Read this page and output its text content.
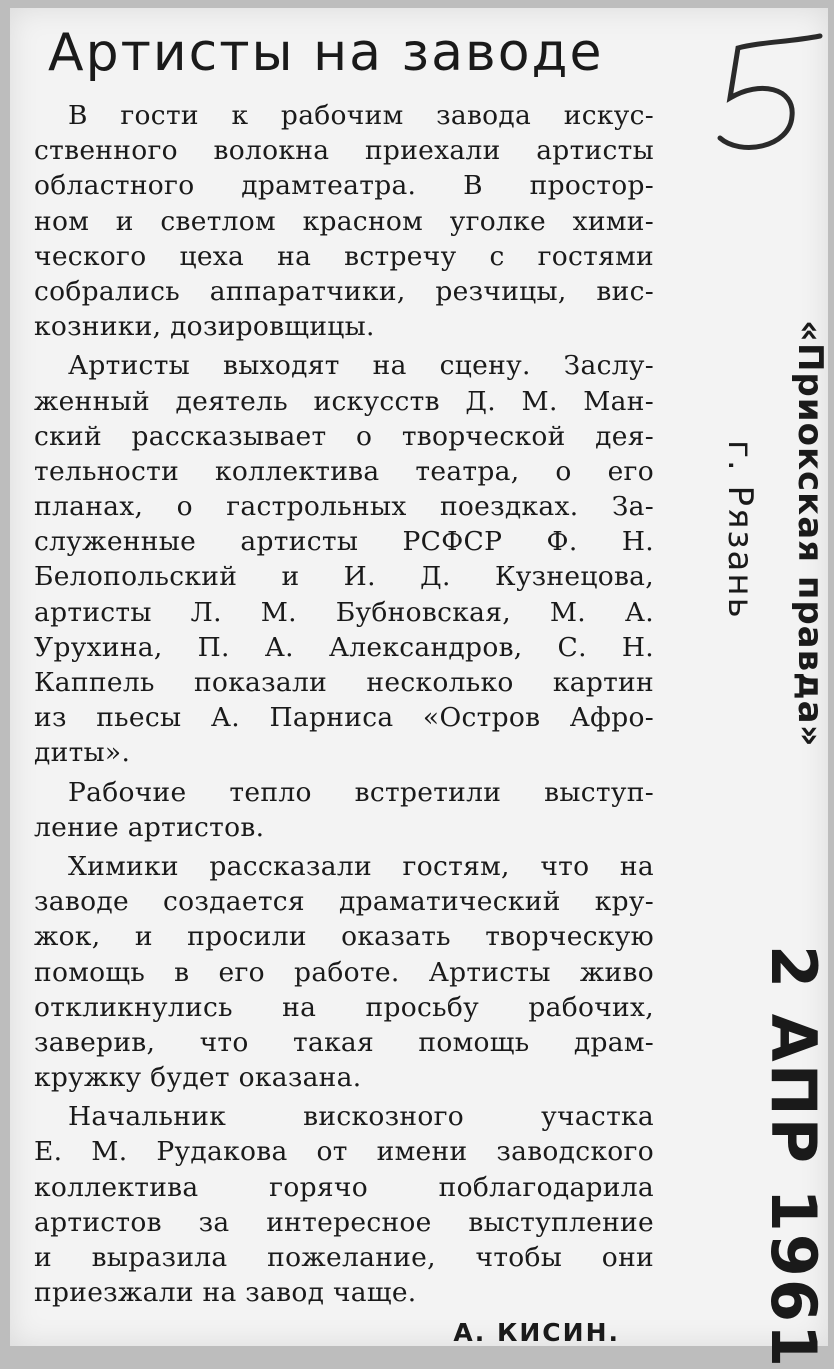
Артисты на заводе
В гости к рабочим завода искус-
ственного волокна приехали артисты
областного драмтеатра. В простор-
ном и светлом красном уголке хими-
ческого цеха на встречу с гостями
собрались аппаратчики, резчицы, вис-
козники, дозировщицы.
Артисты выходят на сцену. Заслу-
женный деятель искусств Д. М. Ман-
ский рассказывает о творческой дея-
тельности коллектива театра, о его
планах, о гастрольных поездках. За-
служенные артисты РСФСР Ф. Н.
Белопольский и И. Д. Кузнецова,
артисты Л. М. Бубновская, М. А.
Урухина, П. А. Александров, С. Н.
Каппель показали несколько картин
из пьесы А. Парниса «Остров Афро-
диты».
Рабочие тепло встретили выступ-
ление артистов.
Химики рассказали гостям, что на
заводе создается драматический кру-
жок, и просили оказать творческую
помощь в его работе. Артисты живо
откликнулись на просьбу рабочих,
заверив, что такая помощь драм-
кружку будет оказана.
Начальник вискозного участка
Е. М. Рудакова от имени заводского
коллектива горячо поблагодарила
артистов за интересное выступление
и выразила пожелание, чтобы они
приезжали на завод чаще.
А. КИСИН.
«Приокская правда»
г. Рязань
2 АПР 1961
